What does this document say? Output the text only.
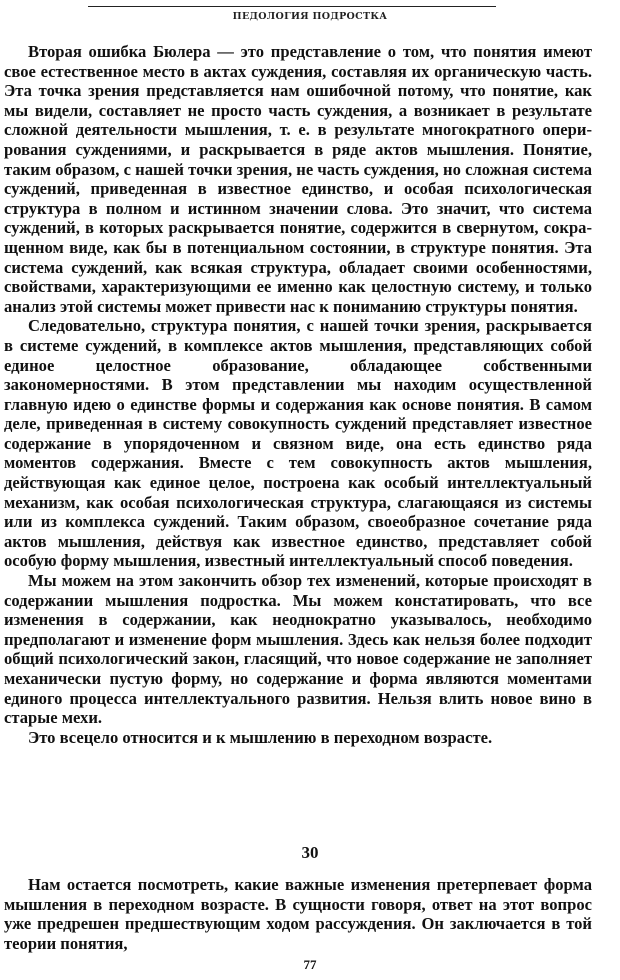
ПЕДОЛОГИЯ ПОДРОСТКА

Вторая ошибка Бюлера — это представление о том, что понятия имеют свое естественное место в актах суждения, составляя их органическую часть. Эта точка зрения представляется нам ошибочной потому, что понятие, как мы видели, составляет не просто часть суждения, а возникает в результате сложной деятельности мышления, т. е. в результате многократного оперирования суждениями, и раскрывается в ряде актов мышления. Понятие, таким образом, с нашей точки зрения, не часть суждения, но сложная система суждений, приведенная в известное единство, и особая психологическая структура в полном и истинном значении слова. Это значит, что система суждений, в которых раскрывается понятие, содержится в свернутом, сокращенном виде, как бы в потенциальном состоянии, в структуре понятия. Эта система суждений, как всякая структура, обладает своими особенностями, свойствами, характеризующими ее именно как целостную систему, и только анализ этой системы может привести нас к пониманию структуры понятия.

Следовательно, структура понятия, с нашей точки зрения, раскрывается в системе суждений, в комплексе актов мышления, представляющих собой единое целостное образование, обладающее собственными закономерностями. В этом представлении мы находим осуществленной главную идею о единстве формы и содержания как основе понятия. В самом деле, приведенная в систему совокупность суждений представляет известное содержание в упорядоченном и связном виде, она есть единство ряда моментов содержания. Вместе с тем совокупность актов мышления, действующая как единое целое, построена как особый интеллектуальный механизм, как особая психологическая структура, слагающаяся из системы или из комплекса суждений. Таким образом, своеобразное сочетание ряда актов мышления, действуя как известное единство, представляет собой особую форму мышления, известный интеллектуальный способ поведения.

Мы можем на этом закончить обзор тех изменений, которые происходят в содержании мышления подростка. Мы можем констатировать, что все изменения в содержании, как неоднократно указывалось, необходимо предполагают и изменение форм мышления. Здесь как нельзя более подходит общий психологический закон, гласящий, что новое содержание не заполняет механически пустую форму, но содержание и форма являются моментами единого процесса интеллектуального развития. Нельзя влить новое вино в старые мехи.

Это всецело относится и к мышлению в переходном возрасте.

30

Нам остается посмотреть, какие важные изменения претерпевает форма мышления в переходном возрасте. В сущности говоря, ответ на этот вопрос уже предрешен предшествующим ходом рассуждения. Он заключается в той теории понятия,

77
